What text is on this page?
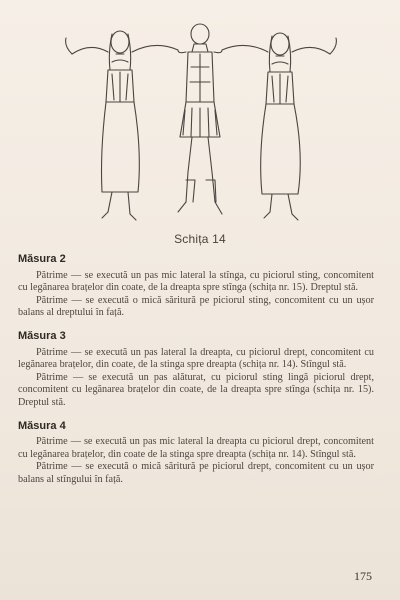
Schița 14
Măsura 2

Pătrime — se execută un pas mic lateral la stînga, cu piciorul sting, concomitent cu legănarea brațelor din coate, de la dreapta spre stînga (schița nr. 15). Dreptul stă.

Pătrime — se execută o mică săritură pe piciorul sting, concomitent cu un ușor balans al dreptului în față.

Măsura 3

Pătrime — se execută un pas lateral la dreapta, cu piciorul drept, concomitent cu legănarea brațelor, din coate, de la stinga spre dreapta (schița nr. 14). Stîngul stă.

Pătrime — se execută un pas alăturat, cu piciorul sting lingă piciorul drept, concomitent cu legănarea brațelor din coate, de la dreapta spre stînga (schița nr. 15). Dreptul stă.

Măsura 4

Pătrime — se execută un pas mic lateral la dreapta cu piciorul drept, concomitent cu legănarea brațelor, din coate de la stinga spre dreapta (schița nr. 14). Stîngul stă.

Pătrime — se execută o mică săritură pe piciorul drept, concomitent cu un ușor balans al stîngului în față.

175
